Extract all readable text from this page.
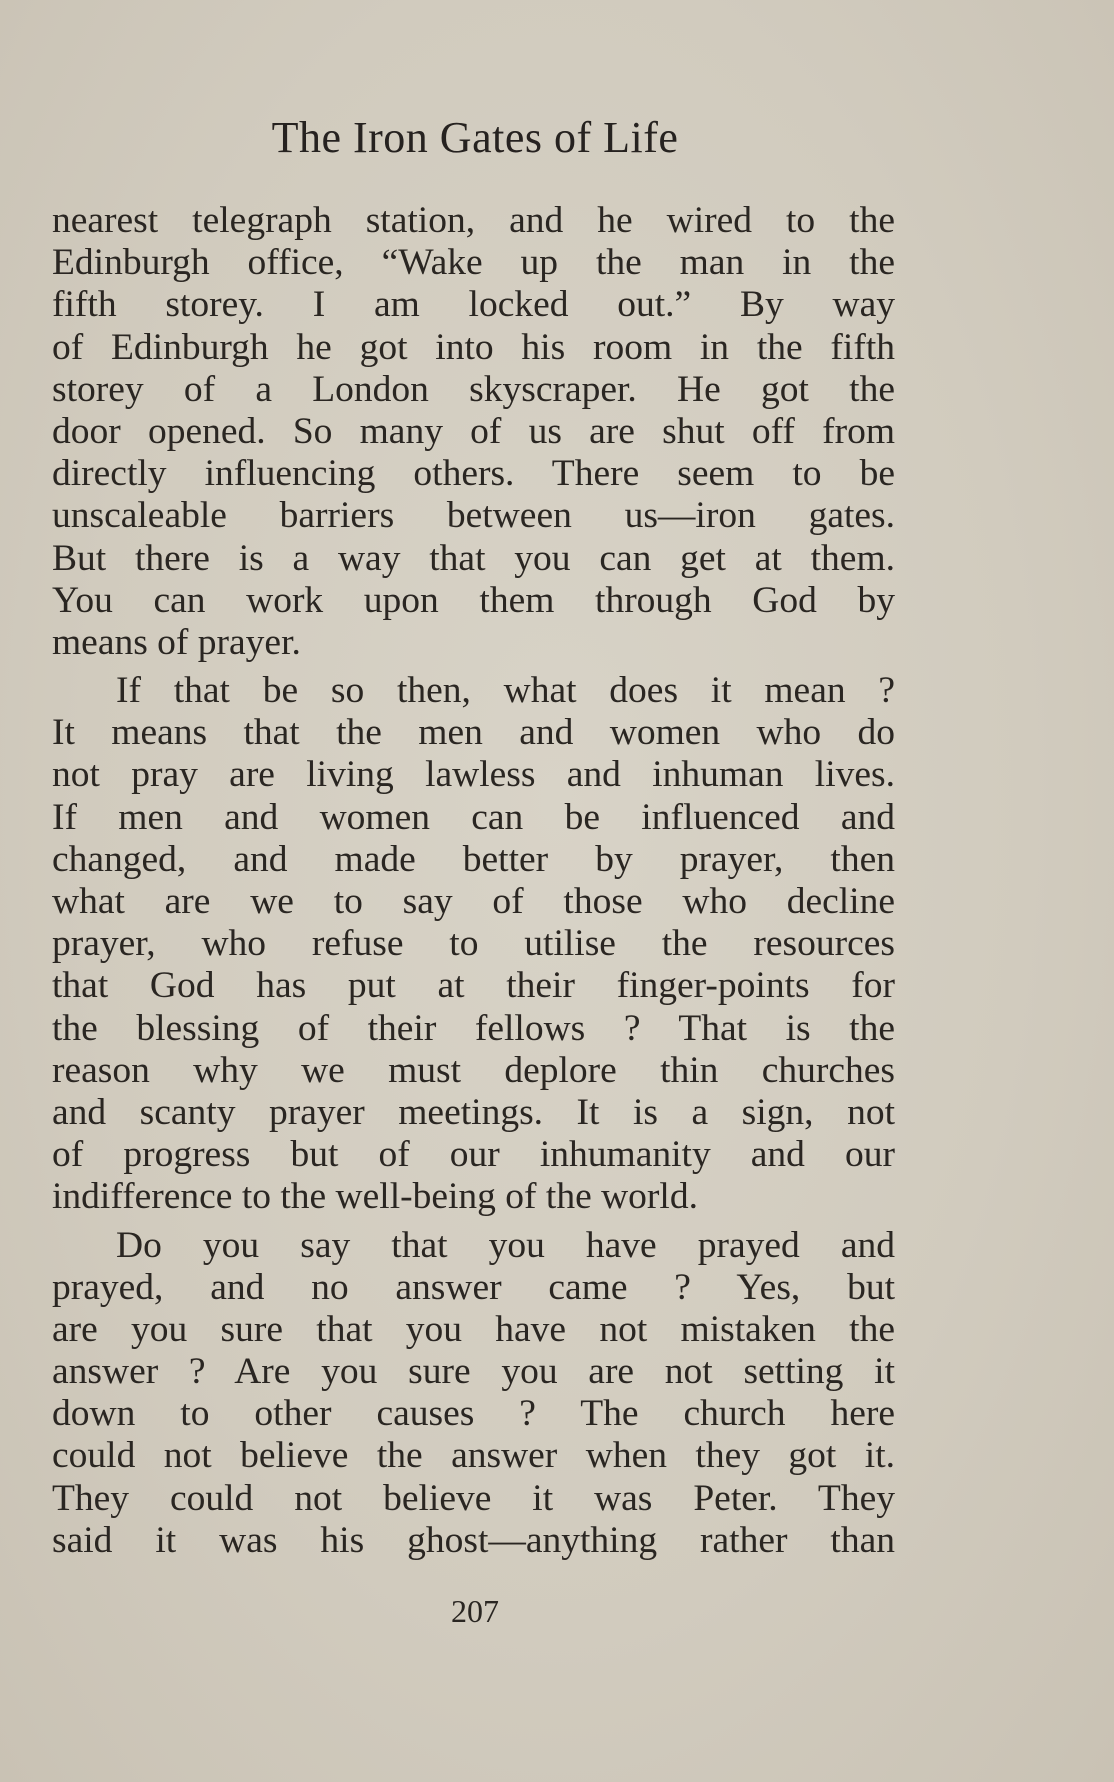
The Iron Gates of Life

nearest telegraph station, and he wired to the
Edinburgh office, “Wake up the man in the
fifth storey. I am locked out.” By way
of Edinburgh he got into his room in the fifth
storey of a London skyscraper. He got the
door opened. So many of us are shut off from
directly influencing others. There seem to be
unscaleable barriers between us—iron gates.
But there is a way that you can get at them.
You can work upon them through God by
means of prayer.

If that be so then, what does it mean ?
It means that the men and women who do
not pray are living lawless and inhuman lives.
If men and women can be influenced and
changed, and made better by prayer, then
what are we to say of those who decline
prayer, who refuse to utilise the resources
that God has put at their finger-points for
the blessing of their fellows ? That is the
reason why we must deplore thin churches
and scanty prayer meetings. It is a sign, not
of progress but of our inhumanity and our
indifference to the well-being of the world.

Do you say that you have prayed and
prayed, and no answer came ? Yes, but
are you sure that you have not mistaken the
answer ? Are you sure you are not setting it
down to other causes ? The church here
could not believe the answer when they got it.
They could not believe it was Peter. They
said it was his ghost—anything rather than

207
